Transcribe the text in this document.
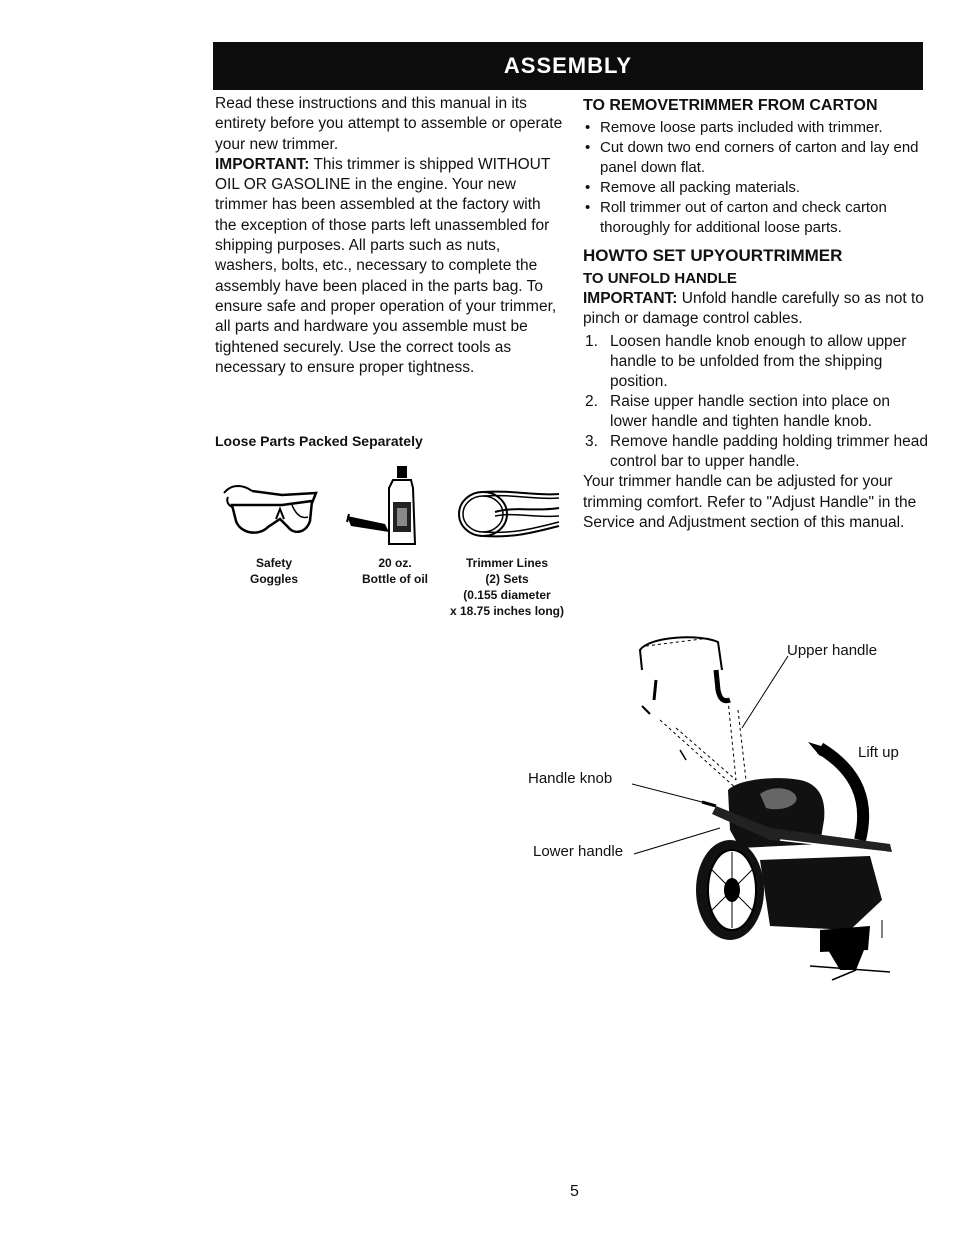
ASSEMBLY

Read these instructions and this manual in its entirety before you attempt to assemble or operate your new trimmer.

IMPORTANT: This trimmer is shipped WITHOUT OIL OR GASOLINE in the engine. Your new trimmer has been assembled at the factory with the exception of those parts left unassembled for shipping purposes. All parts such as nuts, washers, bolts, etc., necessary to complete the assembly have been placed in the parts bag. To ensure safe and proper operation of your trimmer, all parts and hardware you assemble must be tightened securely. Use the correct tools as necessary to ensure proper tightness.

Loose Parts Packed Separately
Safety
Goggles
20 oz.
Bottle of oil
Trimmer Lines
(2) Sets
(0.155 diameter
x 18.75 inches long)

TO REMOVETRIMMER FROM CARTON

• Remove loose parts included with trimmer.
• Cut down two end corners of carton and lay end panel down flat.
• Remove all packing materials.
• Roll trimmer out of carton and check carton thoroughly for additional loose parts.

HOWTO SET UPYOURTRIMMER

TO UNFOLD HANDLE

IMPORTANT: Unfold handle carefully so as not to pinch or damage control cables.

1. Loosen handle knob enough to allow upper handle to be unfolded from the shipping position.
2. Raise upper handle section into place on lower handle and tighten handle knob.
3. Remove handle padding holding trimmer head control bar to upper handle.

Your trimmer handle can be adjusted for your trimming comfort. Refer to "Adjust Handle" in the Service and Adjustment section of this manual.

Upper handle
Lift up
Handle knob
Lower handle
5
